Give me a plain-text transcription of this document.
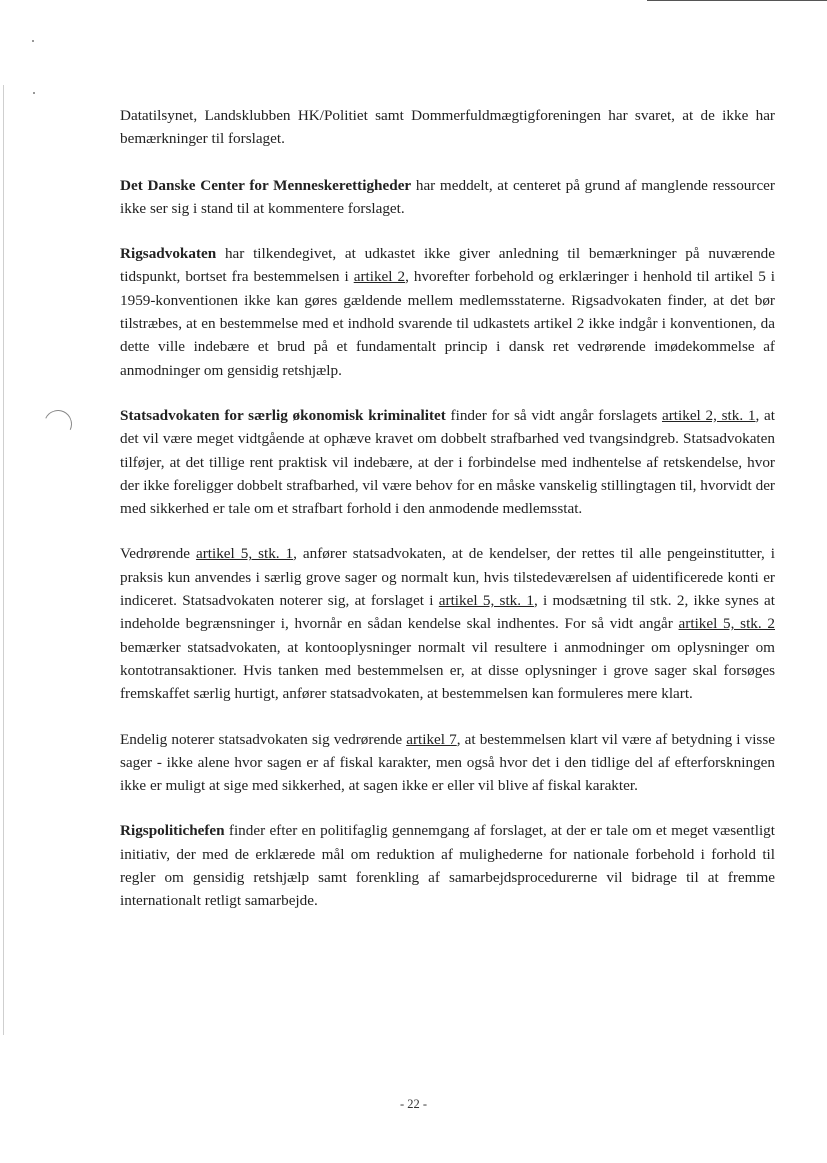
Datatilsynet, Landsklubben HK/Politiet samt Dommerfuldmægtigforeningen har svaret, at de ikke har bemærkninger til forslaget.

Det Danske Center for Menneskerettigheder har meddelt, at centeret på grund af manglende ressourcer ikke ser sig i stand til at kommentere forslaget.

Rigsadvokaten har tilkendegivet, at udkastet ikke giver anledning til bemærkninger på nuværende tidspunkt, bortset fra bestemmelsen i artikel 2, hvorefter forbehold og erklæringer i henhold til artikel 5 i 1959-konventionen ikke kan gøres gældende mellem medlemsstaterne. Rigsadvokaten finder, at det bør tilstræbes, at en bestemmelse med et indhold svarende til udkastets artikel 2 ikke indgår i konventionen, da dette ville indebære et brud på et fundamentalt princip i dansk ret vedrørende imødekommelse af anmodninger om gensidig retshjælp.

Statsadvokaten for særlig økonomisk kriminalitet finder for så vidt angår forslagets artikel 2, stk. 1, at det vil være meget vidtgående at ophæve kravet om dobbelt strafbarhed ved tvangsindgreb. Statsadvokaten tilføjer, at det tillige rent praktisk vil indebære, at der i forbindelse med indhentelse af retskendelse, hvor der ikke foreligger dobbelt strafbarhed, vil være behov for en måske vanskelig stillingtagen til, hvorvidt der med sikkerhed er tale om et strafbart forhold i den anmodende medlemsstat.

Vedrørende artikel 5, stk. 1, anfører statsadvokaten, at de kendelser, der rettes til alle pengeinstitutter, i praksis kun anvendes i særlig grove sager og normalt kun, hvis tilstedeværelsen af uidentificerede konti er indiceret. Statsadvokaten noterer sig, at forslaget i artikel 5, stk. 1, i modsætning til stk. 2, ikke synes at indeholde begrænsninger i, hvornår en sådan kendelse skal indhentes. For så vidt angår artikel 5, stk. 2 bemærker statsadvokaten, at kontooplysninger normalt vil resultere i anmodninger om oplysninger om kontotransaktioner. Hvis tanken med bestemmelsen er, at disse oplysninger i grove sager skal forsøges fremskaffet særlig hurtigt, anfører statsadvokaten, at bestemmelsen kan formuleres mere klart.

Endelig noterer statsadvokaten sig vedrørende artikel 7, at bestemmelsen klart vil være af betydning i visse sager - ikke alene hvor sagen er af fiskal karakter, men også hvor det i den tidlige del af efterforskningen ikke er muligt at sige med sikkerhed, at sagen ikke er eller vil blive af fiskal karakter.

Rigspolitichefen finder efter en politifaglig gennemgang af forslaget, at der er tale om et meget væsentligt initiativ, der med de erklærede mål om reduktion af mulighederne for nationale forbehold i forhold til regler om gensidig retshjælp samt forenkling af samarbejdsprocedurerne vil bidrage til at fremme internationalt retligt samarbejde.

- 22 -
